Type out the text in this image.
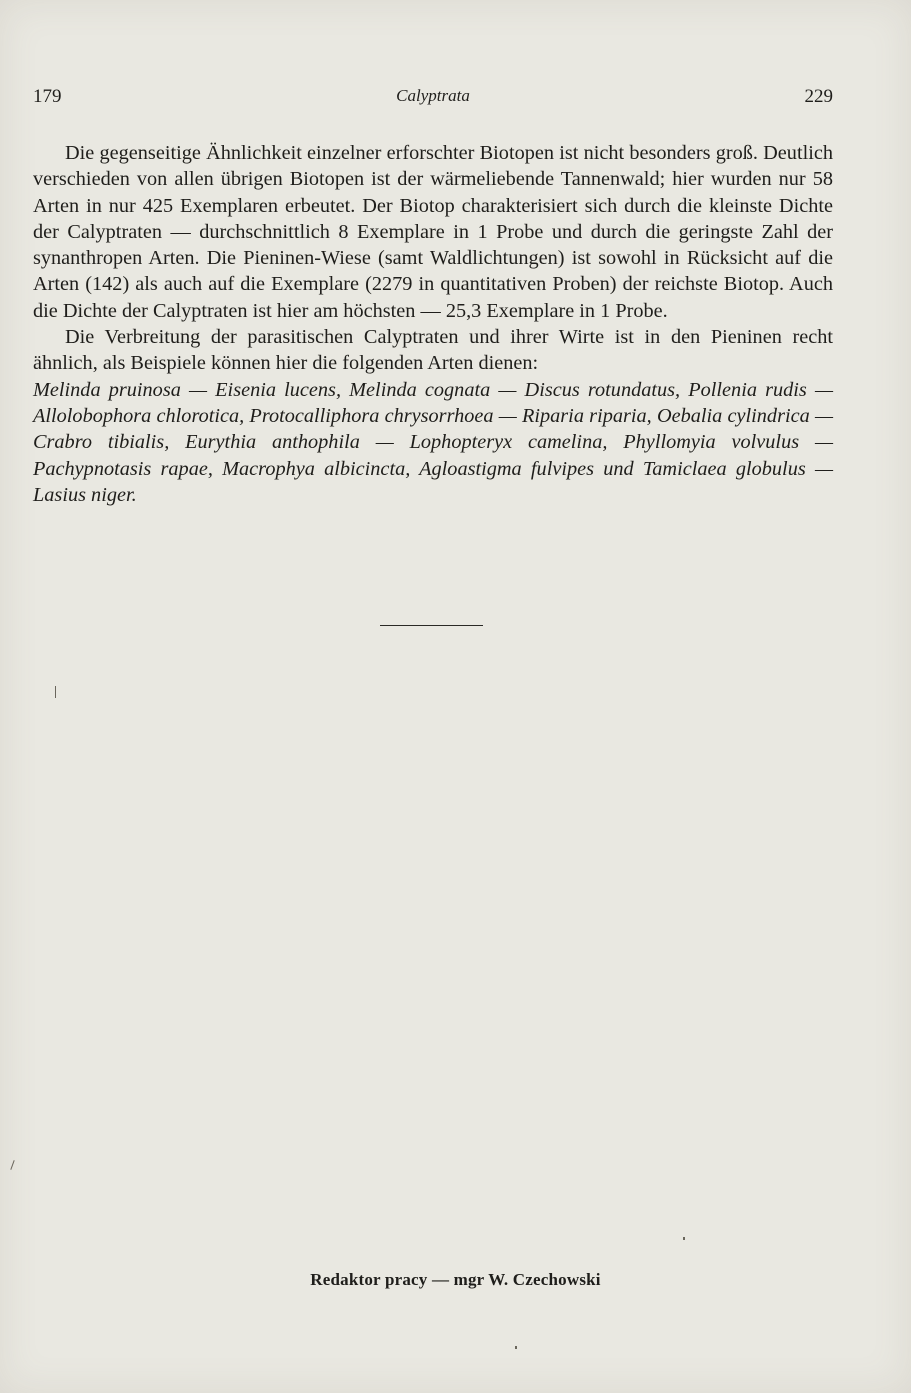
179	Calyptrata	229

Die gegenseitige Ähnlichkeit einzelner erforschter Biotopen ist nicht besonders groß. Deutlich verschieden von allen übrigen Biotopen ist der wärmeliebende Tannenwald; hier wurden nur 58 Arten in nur 425 Exemplaren erbeutet. Der Biotop charakterisiert sich durch die kleinste Dichte der Calyptraten — durchschnittlich 8 Exemplare in 1 Probe und durch die geringste Zahl der synanthropen Arten. Die Pieninen-Wiese (samt Waldlichtungen) ist sowohl in Rücksicht auf die Arten (142) als auch auf die Exemplare (2279 in quantitativen Proben) der reichste Biotop. Auch die Dichte der Calyptraten ist hier am höchsten — 25,3 Exemplare in 1 Probe.

Die Verbreitung der parasitischen Calyptraten und ihrer Wirte ist in den Pieninen recht ähnlich, als Beispiele können hier die folgenden Arten dienen:

Melinda pruinosa — Eisenia lucens, Melinda cognata — Discus rotundatus, Pollenia rudis — Allolobophora chlorotica, Protocalliphora chrysorrhoea — Riparia riparia, Oebalia cylindrica — Crabro tibialis, Eurythia anthophila — Lophopteryx camelina, Phyllomyia volvulus — Pachypnotasis rapae, Macrophya albicincta, Agloastigma fulvipes und Tamiclaea globulus — Lasius niger.

Redaktor pracy — mgr W. Czechowski
